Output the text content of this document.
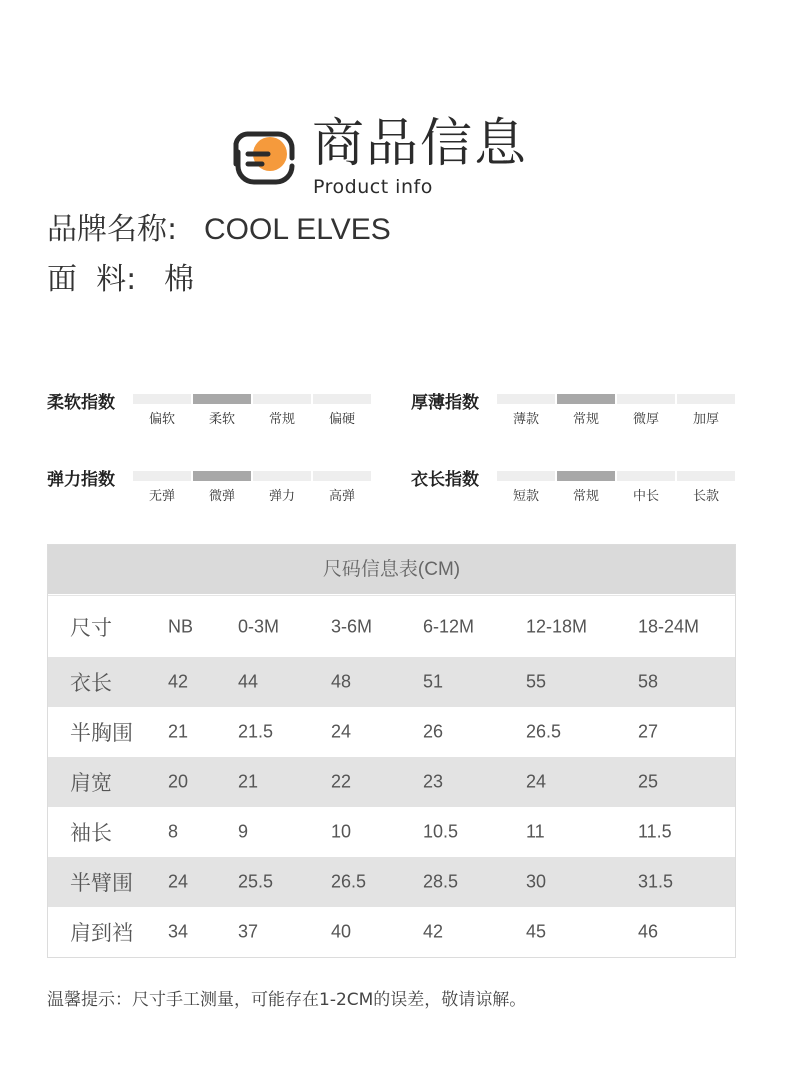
商品信息
Product info
品牌名称: COOL ELVES
面  料: 棉
柔软指数
偏软	柔软	常规	偏硬
厚薄指数
薄款	常规	微厚	加厚
弹力指数
无弹	微弹	弹力	高弹
衣长指数
短款	常规	中长	长款
尺码信息表(CM)
尺寸	NB 0-3M	3-6M	6-12M	12-18M	18-24M
衣长	42	44	48	51	55	58
半胸围 21	21.5	24	26	26.5	27
肩宽	20	21	22	23	24	25
袖长	8	9	10	10.5	11	11.5
半臂围 24	25.5	26.5	28.5	30	31.5
肩到裆 34	37	40	42	45	46
温馨提示：尺寸手工测量，可能存在1-2CM的误差，敬请谅解。
